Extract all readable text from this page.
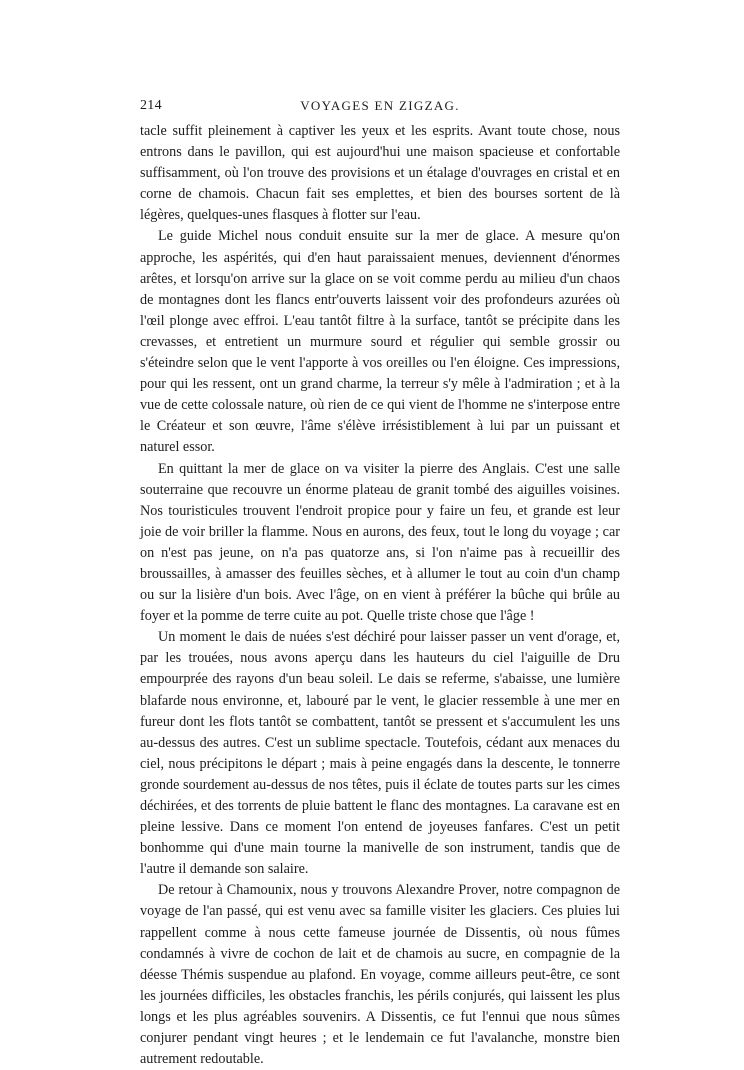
214	VOYAGES EN ZIGZAG.

tacle suffit pleinement à captiver les yeux et les esprits. Avant toute chose, nous entrons dans le pavillon, qui est aujourd'hui une maison spacieuse et confortable suffisamment, où l'on trouve des provisions et un étalage d'ouvrages en cristal et en corne de chamois. Chacun fait ses emplettes, et bien des bourses sortent de là légères, quelques-unes flasques à flotter sur l'eau.

Le guide Michel nous conduit ensuite sur la mer de glace. A mesure qu'on approche, les aspérités, qui d'en haut paraissaient menues, deviennent d'énormes arêtes, et lorsqu'on arrive sur la glace on se voit comme perdu au milieu d'un chaos de montagnes dont les flancs entr'ouverts laissent voir des profondeurs azurées où l'œil plonge avec effroi. L'eau tantôt filtre à la surface, tantôt se précipite dans les crevasses, et entretient un murmure sourd et régulier qui semble grossir ou s'éteindre selon que le vent l'apporte à vos oreilles ou l'en éloigne. Ces impressions, pour qui les ressent, ont un grand charme, la terreur s'y mêle à l'admiration ; et à la vue de cette colossale nature, où rien de ce qui vient de l'homme ne s'interpose entre le Créateur et son œuvre, l'âme s'élève irrésistiblement à lui par un puissant et naturel essor.

En quittant la mer de glace on va visiter la pierre des Anglais. C'est une salle souterraine que recouvre un énorme plateau de granit tombé des aiguilles voisines. Nos touristicules trouvent l'endroit propice pour y faire un feu, et grande est leur joie de voir briller la flamme. Nous en aurons, des feux, tout le long du voyage ; car on n'est pas jeune, on n'a pas quatorze ans, si l'on n'aime pas à recueillir des broussailles, à amasser des feuilles sèches, et à allumer le tout au coin d'un champ ou sur la lisière d'un bois. Avec l'âge, on en vient à préférer la bûche qui brûle au foyer et la pomme de terre cuite au pot. Quelle triste chose que l'âge !

Un moment le dais de nuées s'est déchiré pour laisser passer un vent d'orage, et, par les trouées, nous avons aperçu dans les hauteurs du ciel l'aiguille de Dru empourprée des rayons d'un beau soleil. Le dais se referme, s'abaisse, une lumière blafarde nous environne, et, labouré par le vent, le glacier ressemble à une mer en fureur dont les flots tantôt se combattent, tantôt se pressent et s'accumulent les uns au-dessus des autres. C'est un sublime spectacle. Toutefois, cédant aux menaces du ciel, nous précipitons le départ ; mais à peine engagés dans la descente, le tonnerre gronde sourdement au-dessus de nos têtes, puis il éclate de toutes parts sur les cimes déchirées, et des torrents de pluie battent le flanc des montagnes. La caravane est en pleine lessive. Dans ce moment l'on entend de joyeuses fanfares. C'est un petit bonhomme qui d'une main tourne la manivelle de son instrument, tandis que de l'autre il demande son salaire.

De retour à Chamounix, nous y trouvons Alexandre Prover, notre compagnon de voyage de l'an passé, qui est venu avec sa famille visiter les glaciers. Ces pluies lui rappellent comme à nous cette fameuse journée de Dissentis, où nous fûmes condamnés à vivre de cochon de lait et de chamois au sucre, en compagnie de la déesse Thémis suspendue au plafond. En voyage, comme ailleurs peut-être, ce sont les journées difficiles, les obstacles franchis, les périls conjurés, qui laissent les plus longs et les plus agréables souvenirs. A Dissentis, ce fut l'ennui que nous sûmes conjurer pendant vingt heures ; et le lendemain ce fut l'avalanche, monstre bien autrement redoutable.
